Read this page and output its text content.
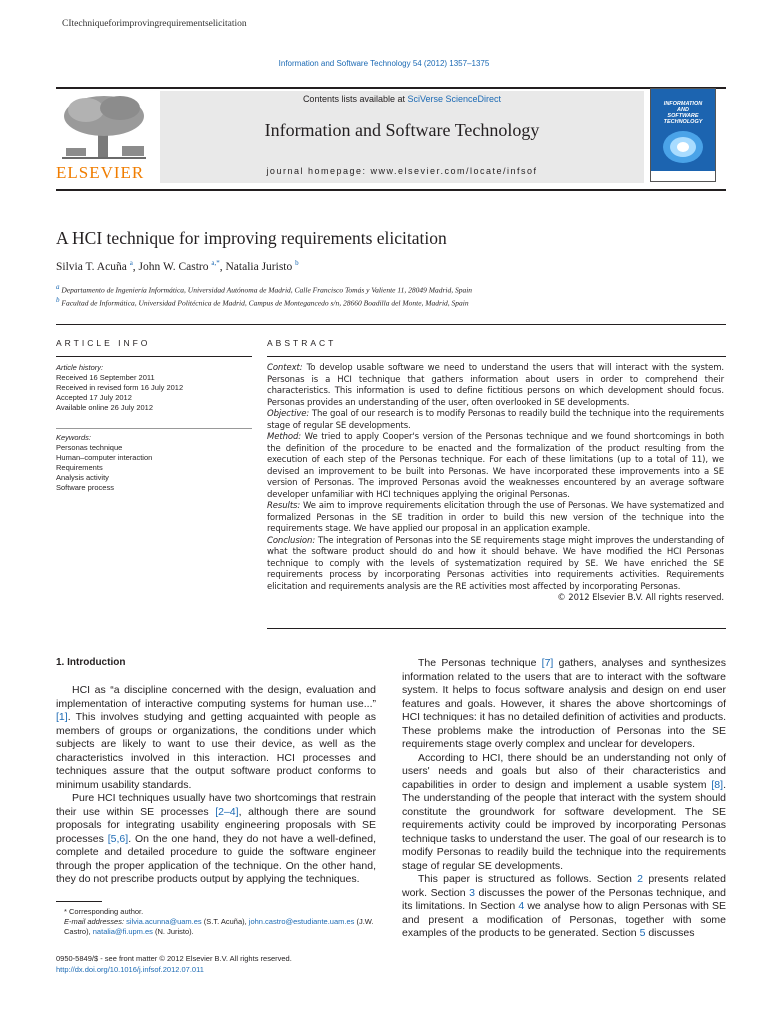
CItechniqueforimprovingrequirementselicitation
Information and Software Technology 54 (2012) 1357–1375
ELSEVIER
Contents lists available at SciVerse ScienceDirect
Information and Software Technology
journal homepage: www.elsevier.com/locate/infsof
INFORMATION
AND
SOFTWARE
TECHNOLOGY
A HCI technique for improving requirements elicitation
Silvia T. Acuña $^a$, John W. Castro $^{a,*}$, Natalia Juristo $^b$
$^a$ Departamento de Ingeniería Informática, Universidad Autónoma de Madrid, Calle Francisco Tomás y Valiente 11, 28049 Madrid, Spain
$^b$ Facultad de Informática, Universidad Politécnica de Madrid, Campus de Montegancedo s/n, 28660 Boadilla del Monte, Madrid, Spain
ARTICLE INFO
Article history:
Received 16 September 2011
Received in revised form 16 July 2012
Accepted 17 July 2012
Available online 26 July 2012
Keywords:
Personas technique
Human–computer interaction
Requirements
Analysis activity
Software process
ABSTRACT
Context: To develop usable software we need to understand the users that will interact with the system. Personas is a HCI technique that gathers information about users in order to comprehend their characteristics. This information is used to define fictitious persons on which development should focus. Personas provides an understanding of the user, often overlooked in SE developments.
Objective: The goal of our research is to modify Personas to readily build the technique into the requirements stage of regular SE developments.
Method: We tried to apply Cooper's version of the Personas technique and we found shortcomings in both the definition of the procedure to be enacted and the formalization of the product resulting from the execution of each step of the Personas technique. For each of these limitations (up to a total of 11), we devised an improvement to be built into Personas. We have incorporated these improvements into a SE version of Personas. The improved Personas avoid the weaknesses encountered by an average software developer unfamiliar with HCI techniques applying the original Personas.
Results: We aim to improve requirements elicitation through the use of Personas. We have systematized and formalized Personas in the SE tradition in order to build this new version of the technique into the requirements stage. We have applied our proposal in an application example.
Conclusion: The integration of Personas into the SE requirements stage might improves the understanding of what the software product should do and how it should behave. We have modified the HCI Personas technique to comply with the levels of systematization required by SE. We have enriched the SE requirements process by incorporating Personas activities into requirements activities. Requirements elicitation and requirements analysis are the RE activities most affected by incorporating Personas.
© 2012 Elsevier B.V. All rights reserved.
1. Introduction

HCI as “a discipline concerned with the design, evaluation and implementation of interactive computing systems for human use...” [1]. This involves studying and getting acquainted with people as members of groups or organizations, the conditions under which subjects are likely to want to use their device, as well as the characteristics involved in this interaction. HCI processes and techniques assure that the output software product conforms to minimum usability standards.

Pure HCI techniques usually have two shortcomings that restrain their use within SE processes [2–4], although there are sound proposals for integrating usability engineering proposals with SE processes [5,6]. On the one hand, they do not have a well-defined, complete and detailed procedure to guide the software engineer through the proper application of the technique. On the other hand, they do not prescribe products output by applying the techniques.

The Personas technique [7] gathers, analyses and synthesizes information related to the users that are to interact with the software system. It helps to focus software analysis and design on end user features and goals. However, it shares the above shortcomings of HCI techniques: it has no detailed definition of activities and products. These problems make the introduction of Personas into the SE requirements stage overly complex and unclear for developers.

According to HCI, there should be an understanding not only of users' needs and goals but also of their characteristics and capabilities in order to design and implement a usable system [8]. The understanding of the people that interact with the system should constitute the groundwork for software development. The SE requirements activity could be improved by incorporating Personas technique tasks to understand the user. The goal of our research is to modify Personas to readily build the technique into the requirements stage of regular SE developments.

This paper is structured as follows. Section 2 presents related work. Section 3 discusses the power of the Personas technique, and its limitations. In Section 4 we analyse how to align Personas with SE and present a modification of Personas, together with some examples of the products to be generated. Section 5 discusses

* Corresponding author.
E-mail addresses: silvia.acunna@uam.es (S.T. Acuña), john.castro@estudiante.uam.es (J.W. Castro), natalia@fi.upm.es (N. Juristo).
0950-5849/$ - see front matter © 2012 Elsevier B.V. All rights reserved.
http://dx.doi.org/10.1016/j.infsof.2012.07.011
